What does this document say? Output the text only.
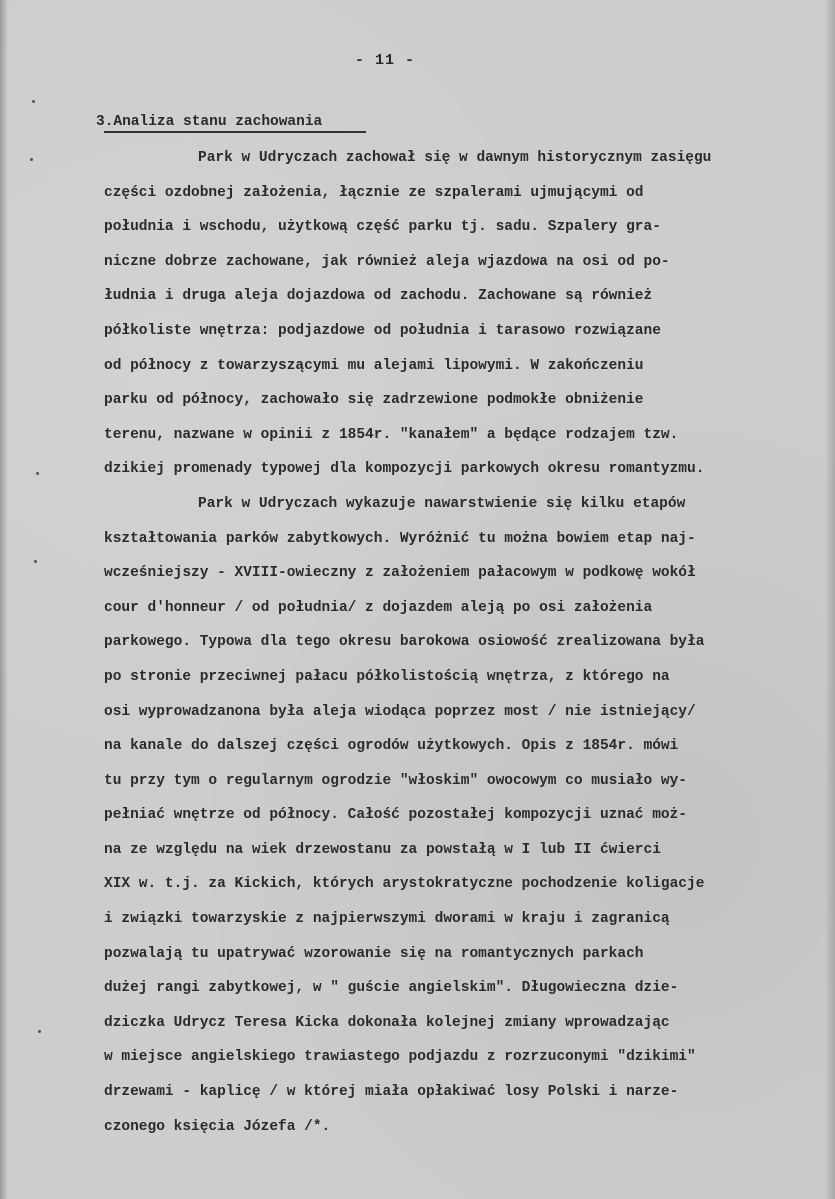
- 11 -
3.Analiza stanu zachowania
Park w Udryczach zachował się w dawnym historycznym zasięgu
części ozdobnej założenia, łącznie ze szpalerami ujmującymi od
południa i wschodu, użytkową część parku tj. sadu. Szpalery gra-
niczne dobrze zachowane, jak również aleja wjazdowa na osi od po-
łudnia i druga aleja dojazdowa od zachodu. Zachowane są również
półkoliste wnętrza: podjazdowe od południa i tarasowo rozwiązane
od północy z towarzyszącymi mu alejami lipowymi. W zakończeniu
parku od północy, zachowało się zadrzewione podmokłe obniżenie
terenu, nazwane w opinii z 1854r. "kanałem" a będące rodzajem tzw.
dzikiej promenady typowej dla kompozycji parkowych okresu romantyzmu.
Park w Udryczach wykazuje nawarstwienie się kilku etapów
kształtowania parków zabytkowych. Wyróżnić tu można bowiem etap naj-
wcześniejszy - XVIII-owieczny z założeniem pałacowym w podkowę wokół
cour d'honneur / od południa/ z dojazdem aleją po osi założenia
parkowego. Typowa dla tego okresu barokowa osiowość zrealizowana była
po stronie przeciwnej pałacu półkolistością wnętrza, z którego na
osi wyprowadzanona była aleja wiodąca poprzez most / nie istniejący/
na kanale do dalszej części ogrodów użytkowych. Opis z 1854r. mówi
tu przy tym o regularnym ogrodzie "włoskim" owocowym co musiało wy-
pełniać wnętrze od północy. Całość pozostałej kompozycji uznać moż-
na ze względu na wiek drzewostanu za powstałą w I lub II ćwierci
XIX w. t.j. za Kickich, których arystokratyczne pochodzenie koligacje
i związki towarzyskie z najpierwszymi dworami w kraju i zagranicą
pozwalają tu upatrywać wzorowanie się na romantycznych parkach
dużej rangi zabytkowej, w " guście angielskim". Długowieczna dzie-
dziczka Udrycz Teresa Kicka dokonała kolejnej zmiany wprowadzając
w miejsce angielskiego trawiastego podjazdu z rozrzuconymi "dzikimi"
drzewami - kaplicę / w której miała opłakiwać losy Polski i narze-
czonego księcia Józefa /*.
